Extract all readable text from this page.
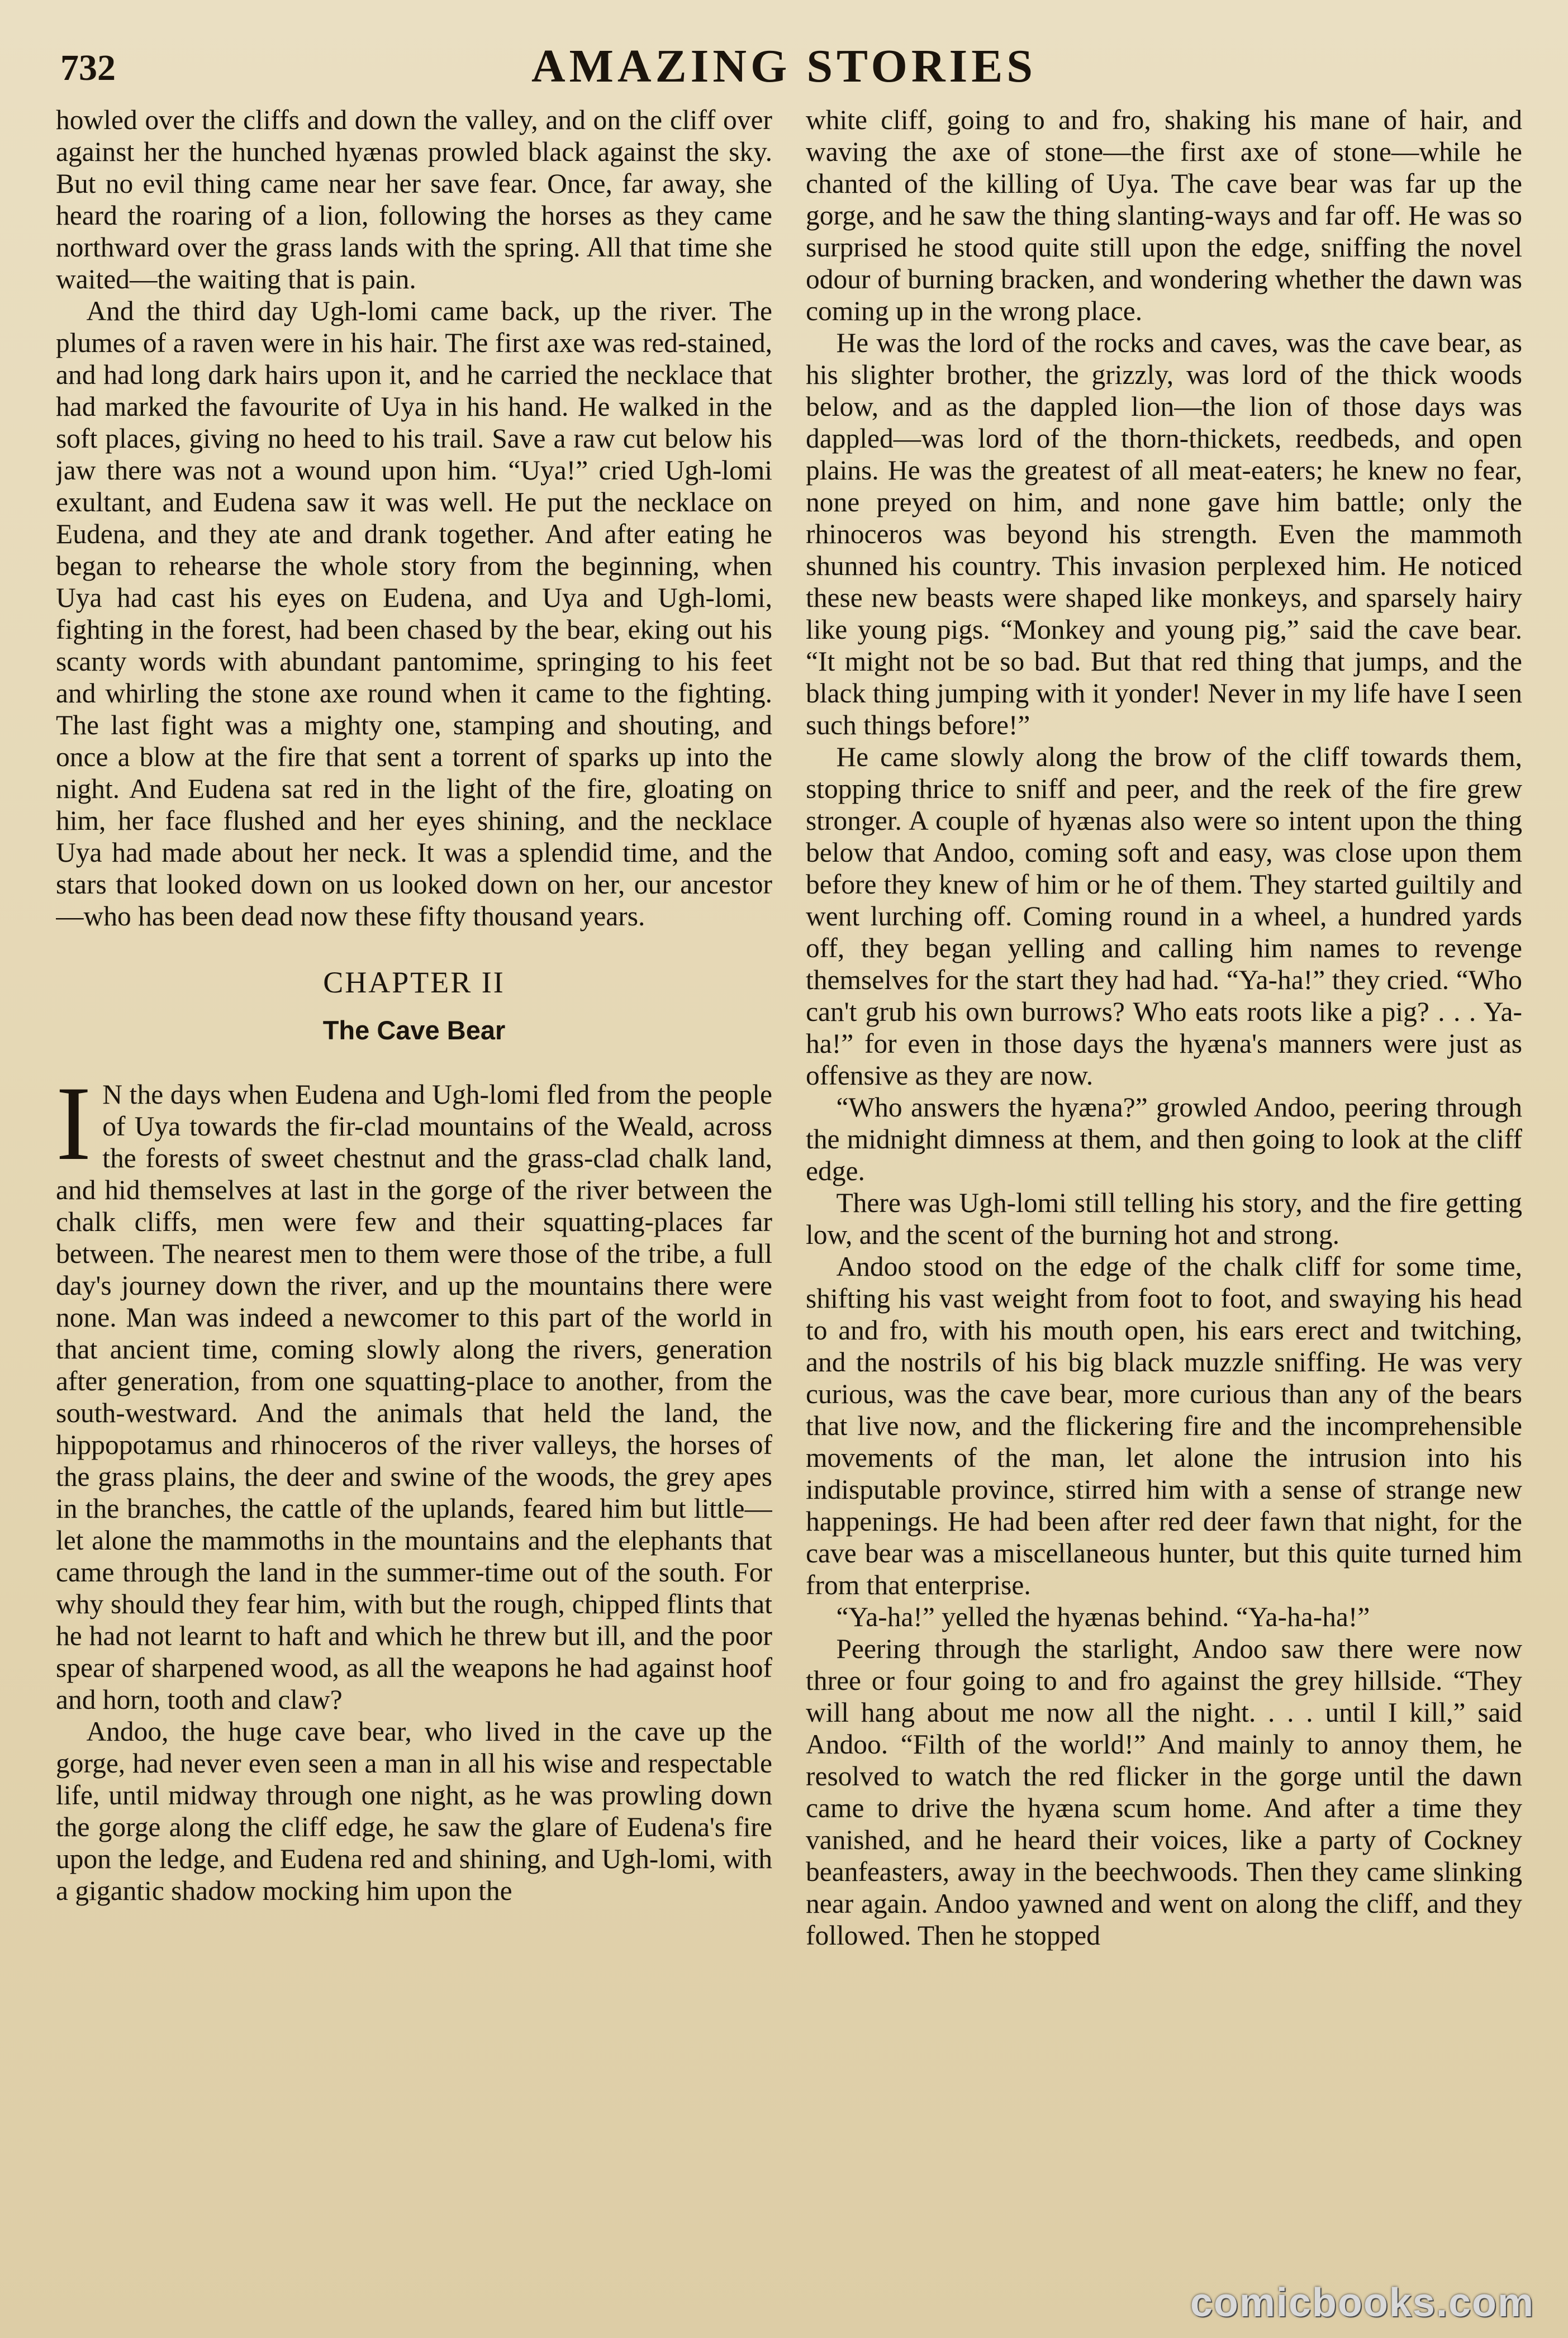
732	AMAZING STORIES

howled over the cliffs and down the valley, and on the cliff over against her the hunched hyænas prowled black against the sky. But no evil thing came near her save fear. Once, far away, she heard the roaring of a lion, following the horses as they came northward over the grass lands with the spring. All that time she waited—the waiting that is pain.

And the third day Ugh-lomi came back, up the river. The plumes of a raven were in his hair. The first axe was red-stained, and had long dark hairs upon it, and he carried the necklace that had marked the favourite of Uya in his hand. He walked in the soft places, giving no heed to his trail. Save a raw cut below his jaw there was not a wound upon him. “Uya!” cried Ugh-lomi exultant, and Eudena saw it was well. He put the necklace on Eudena, and they ate and drank together. And after eating he began to rehearse the whole story from the beginning, when Uya had cast his eyes on Eudena, and Uya and Ugh-lomi, fighting in the forest, had been chased by the bear, eking out his scanty words with abundant pantomime, springing to his feet and whirling the stone axe round when it came to the fighting. The last fight was a mighty one, stamping and shouting, and once a blow at the fire that sent a torrent of sparks up into the night. And Eudena sat red in the light of the fire, gloating on him, her face flushed and her eyes shining, and the necklace Uya had made about her neck. It was a splendid time, and the stars that looked down on us looked down on her, our ancestor—who has been dead now these fifty thousand years.

CHAPTER II
The Cave Bear

I N the days when Eudena and Ugh-lomi fled from the people of Uya towards the fir-clad mountains of the Weald, across the forests of sweet chestnut and the grass-clad chalk land, and hid themselves at last in the gorge of the river between the chalk cliffs, men were few and their squatting-places far between. The nearest men to them were those of the tribe, a full day's journey down the river, and up the mountains there were none. Man was indeed a newcomer to this part of the world in that ancient time, coming slowly along the rivers, generation after generation, from one squatting-place to another, from the south-westward. And the animals that held the land, the hippopotamus and rhinoceros of the river valleys, the horses of the grass plains, the deer and swine of the woods, the grey apes in the branches, the cattle of the uplands, feared him but little—let alone the mammoths in the mountains and the elephants that came through the land in the summer-time out of the south. For why should they fear him, with but the rough, chipped flints that he had not learnt to haft and which he threw but ill, and the poor spear of sharpened wood, as all the weapons he had against hoof and horn, tooth and claw?

Andoo, the huge cave bear, who lived in the cave up the gorge, had never even seen a man in all his wise and respectable life, until midway through one night, as he was prowling down the gorge along the cliff edge, he saw the glare of Eudena's fire upon the ledge, and Eudena red and shining, and Ugh-lomi, with a gigantic shadow mocking him upon the

white cliff, going to and fro, shaking his mane of hair, and waving the axe of stone—the first axe of stone—while he chanted of the killing of Uya. The cave bear was far up the gorge, and he saw the thing slanting-ways and far off. He was so surprised he stood quite still upon the edge, sniffing the novel odour of burning bracken, and wondering whether the dawn was coming up in the wrong place.

He was the lord of the rocks and caves, was the cave bear, as his slighter brother, the grizzly, was lord of the thick woods below, and as the dappled lion—the lion of those days was dappled—was lord of the thorn-thickets, reedbeds, and open plains. He was the greatest of all meat-eaters; he knew no fear, none preyed on him, and none gave him battle; only the rhinoceros was beyond his strength. Even the mammoth shunned his country. This invasion perplexed him. He noticed these new beasts were shaped like monkeys, and sparsely hairy like young pigs. “Monkey and young pig,” said the cave bear. “It might not be so bad. But that red thing that jumps, and the black thing jumping with it yonder! Never in my life have I seen such things before!”

He came slowly along the brow of the cliff towards them, stopping thrice to sniff and peer, and the reek of the fire grew stronger. A couple of hyænas also were so intent upon the thing below that Andoo, coming soft and easy, was close upon them before they knew of him or he of them. They started guiltily and went lurching off. Coming round in a wheel, a hundred yards off, they began yelling and calling him names to revenge themselves for the start they had had. “Ya-ha!” they cried. “Who can't grub his own burrows? Who eats roots like a pig? . . . Ya-ha!” for even in those days the hyæna's manners were just as offensive as they are now.

“Who answers the hyæna?” growled Andoo, peering through the midnight dimness at them, and then going to look at the cliff edge.

There was Ugh-lomi still telling his story, and the fire getting low, and the scent of the burning hot and strong.

Andoo stood on the edge of the chalk cliff for some time, shifting his vast weight from foot to foot, and swaying his head to and fro, with his mouth open, his ears erect and twitching, and the nostrils of his big black muzzle sniffing. He was very curious, was the cave bear, more curious than any of the bears that live now, and the flickering fire and the incomprehensible movements of the man, let alone the intrusion into his indisputable province, stirred him with a sense of strange new happenings. He had been after red deer fawn that night, for the cave bear was a miscellaneous hunter, but this quite turned him from that enterprise.

“Ya-ha!” yelled the hyænas behind. “Ya-ha-ha!”

Peering through the starlight, Andoo saw there were now three or four going to and fro against the grey hillside. “They will hang about me now all the night. . . . until I kill,” said Andoo. “Filth of the world!” And mainly to annoy them, he resolved to watch the red flicker in the gorge until the dawn came to drive the hyæna scum home. And after a time they vanished, and he heard their voices, like a party of Cockney beanfeasters, away in the beechwoods. Then they came slinking near again. Andoo yawned and went on along the cliff, and they followed. Then he stopped

comicbooks.com
